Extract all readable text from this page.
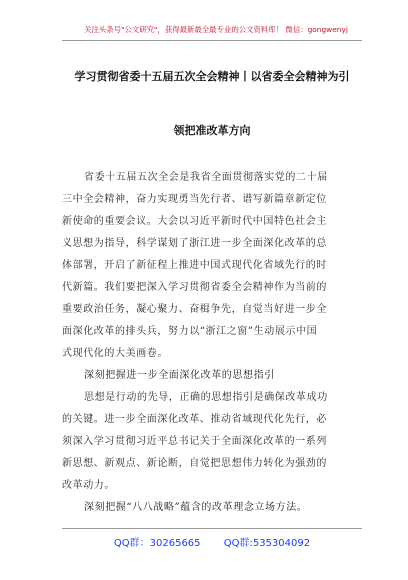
关注头条号"公文研究"，获得最新最全最专业的公文资料库！ 微信：gongwenyj
学习贯彻省委十五届五次全会精神丨以省委全会精神为引
领把准改革方向
省委十五届五次全会是我省全面贯彻落实党的二十届
三中全会精神，奋力实现勇当先行者、谱写新篇章新定位
新使命的重要会议。大会以习近平新时代中国特色社会主
义思想为指导，科学谋划了浙江进一步全面深化改革的总
体部署，开启了新征程上推进中国式现代化省域先行的时
代新篇。我们要把深入学习贯彻省委全会精神作为当前的
重要政治任务，凝心聚力、奋楫争先，自觉当好进一步全
面深化改革的排头兵，努力以“浙江之窗”生动展示中国
式现代化的大美画卷。
深刻把握进一步全面深化改革的思想指引
思想是行动的先导，正确的思想指引是确保改革成功
的关键。进一步全面深化改革、推动省域现代化先行，必
须深入学习贯彻习近平总书记关于全面深化改革的一系列
新思想、新观点、新论断，自觉把思想伟力转化为强劲的
改革动力。
深刻把握“八八战略”蕴含的改革理念立场方法。
QQ群：30265665 QQ群:535304092
